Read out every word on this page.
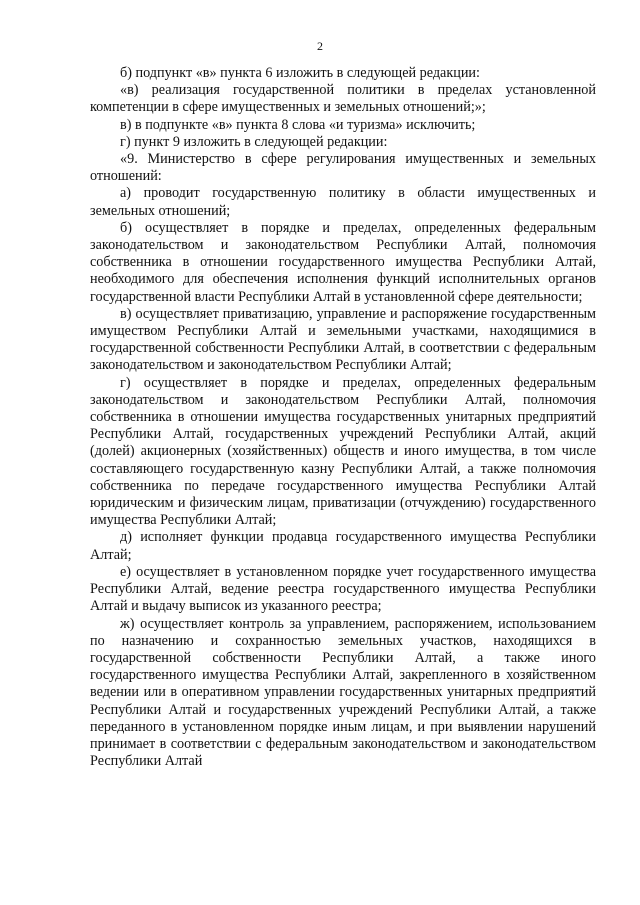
2

б) подпункт «в» пункта 6 изложить в следующей редакции:

«в) реализация государственной политики в пределах установленной компетенции в сфере имущественных и земельных отношений;»;

в) в подпункте «в» пункта 8 слова «и туризма» исключить;

г) пункт 9 изложить в следующей редакции:

«9. Министерство в сфере регулирования имущественных и земельных отношений:

а) проводит государственную политику в области имущественных и земельных отношений;

б) осуществляет в порядке и пределах, определенных федеральным законодательством и законодательством Республики Алтай, полномочия собственника в отношении государственного имущества Республики Алтай, необходимого для обеспечения исполнения функций исполнительных органов государственной власти Республики Алтай в установленной сфере деятельности;

в) осуществляет приватизацию, управление и распоряжение государственным имуществом Республики Алтай и земельными участками, находящимися в государственной собственности Республики Алтай, в соответствии с федеральным законодательством и законодательством Республики Алтай;

г) осуществляет в порядке и пределах, определенных федеральным законодательством и законодательством Республики Алтай, полномочия собственника в отношении имущества государственных унитарных предприятий Республики Алтай, государственных учреждений Республики Алтай, акций (долей) акционерных (хозяйственных) обществ и иного имущества, в том числе составляющего государственную казну Республики Алтай, а также полномочия собственника по передаче государственного имущества Республики Алтай юридическим и физическим лицам, приватизации (отчуждению) государственного имущества Республики Алтай;

д) исполняет функции продавца государственного имущества Республики Алтай;

е) осуществляет в установленном порядке учет государственного имущества Республики Алтай, ведение реестра государственного имущества Республики Алтай и выдачу выписок из указанного реестра;

ж) осуществляет контроль за управлением, распоряжением, использованием по назначению и сохранностью земельных участков, находящихся в государственной собственности Республики Алтай, а также иного государственного имущества Республики Алтай, закрепленного в хозяйственном ведении или в оперативном управлении государственных унитарных предприятий Республики Алтай и государственных учреждений Республики Алтай, а также переданного в установленном порядке иным лицам, и при выявлении нарушений принимает в соответствии с федеральным законодательством и законодательством Республики Алтай
